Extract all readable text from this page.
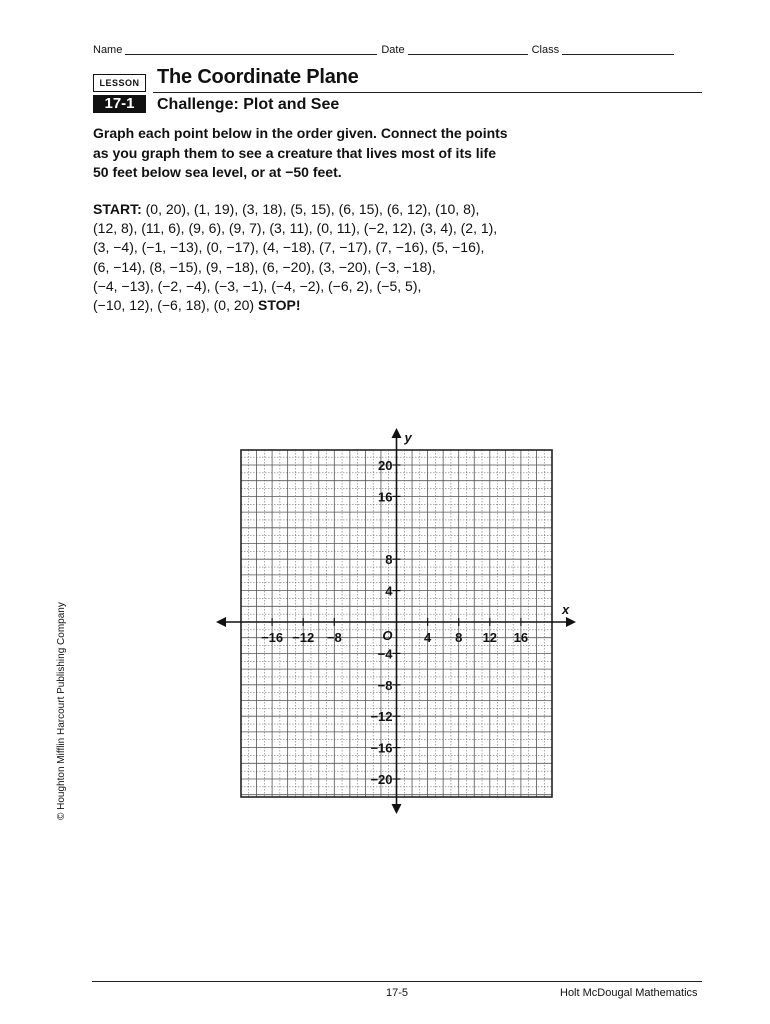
Name	Date	Class
LESSON
17-1
The Coordinate Plane
Challenge: Plot and See
Graph each point below in the order given. Connect the points
as you graph them to see a creature that lives most of its life
50 feet below sea level, or at −50 feet.
START: (0, 20), (1, 19), (3, 18), (5, 15), (6, 15), (6, 12), (10, 8),
(12, 8), (11, 6), (9, 6), (9, 7), (3, 11), (0, 11), (−2, 12), (3, 4), (2, 1),
(3, −4), (−1, −13), (0, −17), (4, −18), (7, −17), (7, −16), (5, −16),
(6, −14), (8, −15), (9, −18), (6, −20), (3, −20), (−3, −18),
(−4, −13), (−2, −4), (−3, −1), (−4, −2), (−6, 2), (−5, 5),
(−10, 12), (−6, 18), (0, 20) STOP!
© Houghton Mifflin Harcourt Publishing Company	−16 −12 −8	4 8 12 16
20
16
8
4
−4
−8
−12
−16
−20
O
x
y
17-5	Holt McDougal Mathematics
